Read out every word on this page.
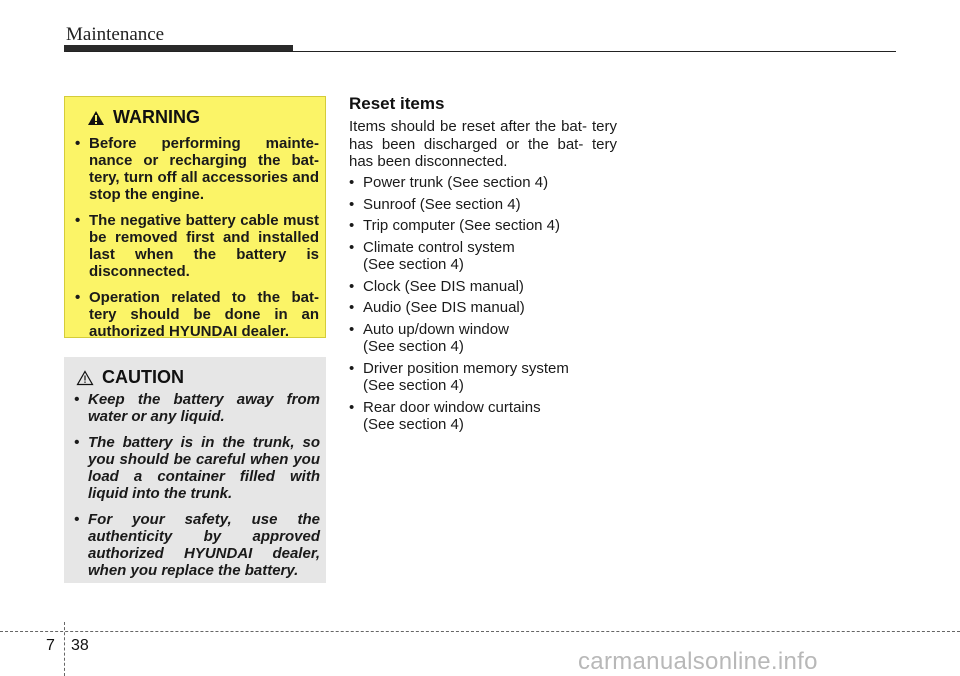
Maintenance
WARNING
• Before performing mainte- nance or recharging the bat- tery, turn off all accessories and stop the engine.
• The negative battery cable must be removed first and installed last when the battery is disconnected.
• Operation related to the bat- tery should be done in an authorized HYUNDAI dealer.
CAUTION
• Keep the battery away from water or any liquid.
• The battery is in the trunk, so you should be careful when you load a container filled with liquid into the trunk.
• For your safety, use the authenticity by approved authorized HYUNDAI dealer, when you replace the battery.
Reset items
Items should be reset after the bat- tery has been discharged or the bat- tery has been disconnected.
• Power trunk (See section 4)
• Sunroof (See section 4)
• Trip computer (See section 4)
• Climate control system
(See section 4)
• Clock (See DIS manual)
• Audio (See DIS manual)
• Auto up/down window
(See section 4)
• Driver position memory system
(See section 4)
• Rear door window curtains
(See section 4)
7 38
carmanualsonline.info
